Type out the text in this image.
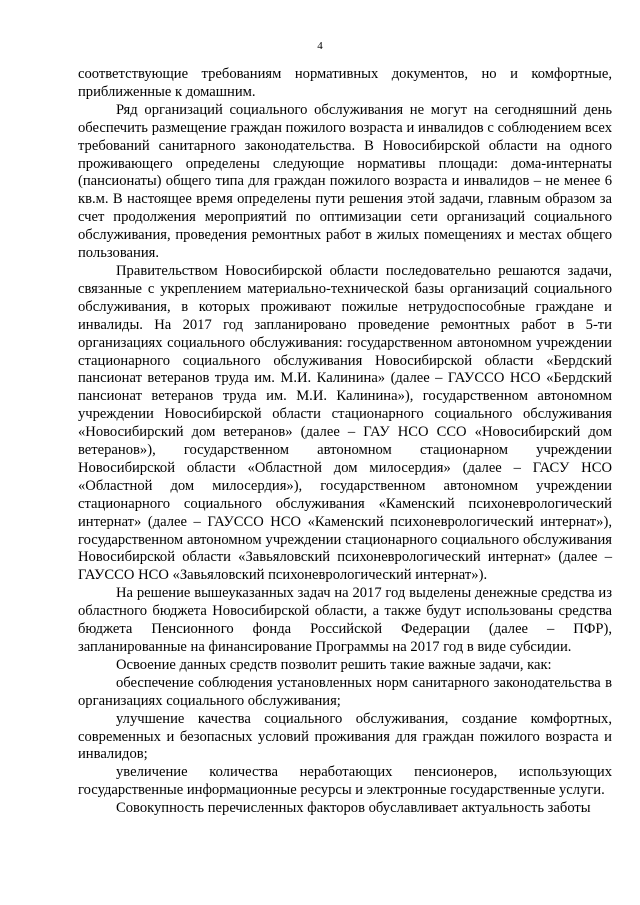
4

соответствующие требованиям нормативных документов, но и комфортные, приближенные к домашним.

Ряд организаций социального обслуживания не могут на сегодняшний день обеспечить размещение граждан пожилого возраста и инвалидов с соблюдением всех требований санитарного законодательства. В Новосибирской области на одного проживающего определены следующие нормативы площади: дома-интернаты (пансионаты) общего типа для граждан пожилого возраста и инвалидов – не менее 6 кв.м. В настоящее время определены пути решения этой задачи, главным образом за счет продолжения мероприятий по оптимизации сети организаций социального обслуживания, проведения ремонтных работ в жилых помещениях и местах общего пользования.

Правительством Новосибирской области последовательно решаются задачи, связанные с укреплением материально-технической базы организаций социального обслуживания, в которых проживают пожилые нетрудоспособные граждане и инвалиды. На 2017 год запланировано проведение ремонтных работ в 5-ти организациях социального обслуживания: государственном автономном учреждении стационарного социального обслуживания Новосибирской области «Бердский пансионат ветеранов труда им. М.И. Калинина» (далее – ГАУССО НСО «Бердский пансионат ветеранов труда им. М.И. Калинина»), государственном автономном учреждении Новосибирской области стационарного социального обслуживания «Новосибирский дом ветеранов» (далее – ГАУ НСО ССО «Новосибирский дом ветеранов»), государственном автономном стационарном учреждении Новосибирской области «Областной дом милосердия» (далее – ГАСУ НСО «Областной дом милосердия»), государственном автономном учреждении стационарного социального обслуживания «Каменский психоневрологический интернат» (далее – ГАУССО НСО «Каменский психоневрологический интернат»), государственном автономном учреждении стационарного социального обслуживания Новосибирской области «Завьяловский психоневрологический интернат» (далее – ГАУССО НСО «Завьяловский психоневрологический интернат»).

На решение вышеуказанных задач на 2017 год выделены денежные средства из областного бюджета Новосибирской области, а также будут использованы средства бюджета Пенсионного фонда Российской Федерации (далее – ПФР), запланированные на финансирование Программы на 2017 год в виде субсидии.

Освоение данных средств позволит решить такие важные задачи, как:

обеспечение соблюдения установленных норм санитарного законодательства в организациях социального обслуживания;

улучшение качества социального обслуживания, создание комфортных, современных и безопасных условий проживания для граждан пожилого возраста и инвалидов;

увеличение количества неработающих пенсионеров, использующих государственные информационные ресурсы и электронные государственные услуги.

Совокупность перечисленных факторов обуславливает актуальность заботы
